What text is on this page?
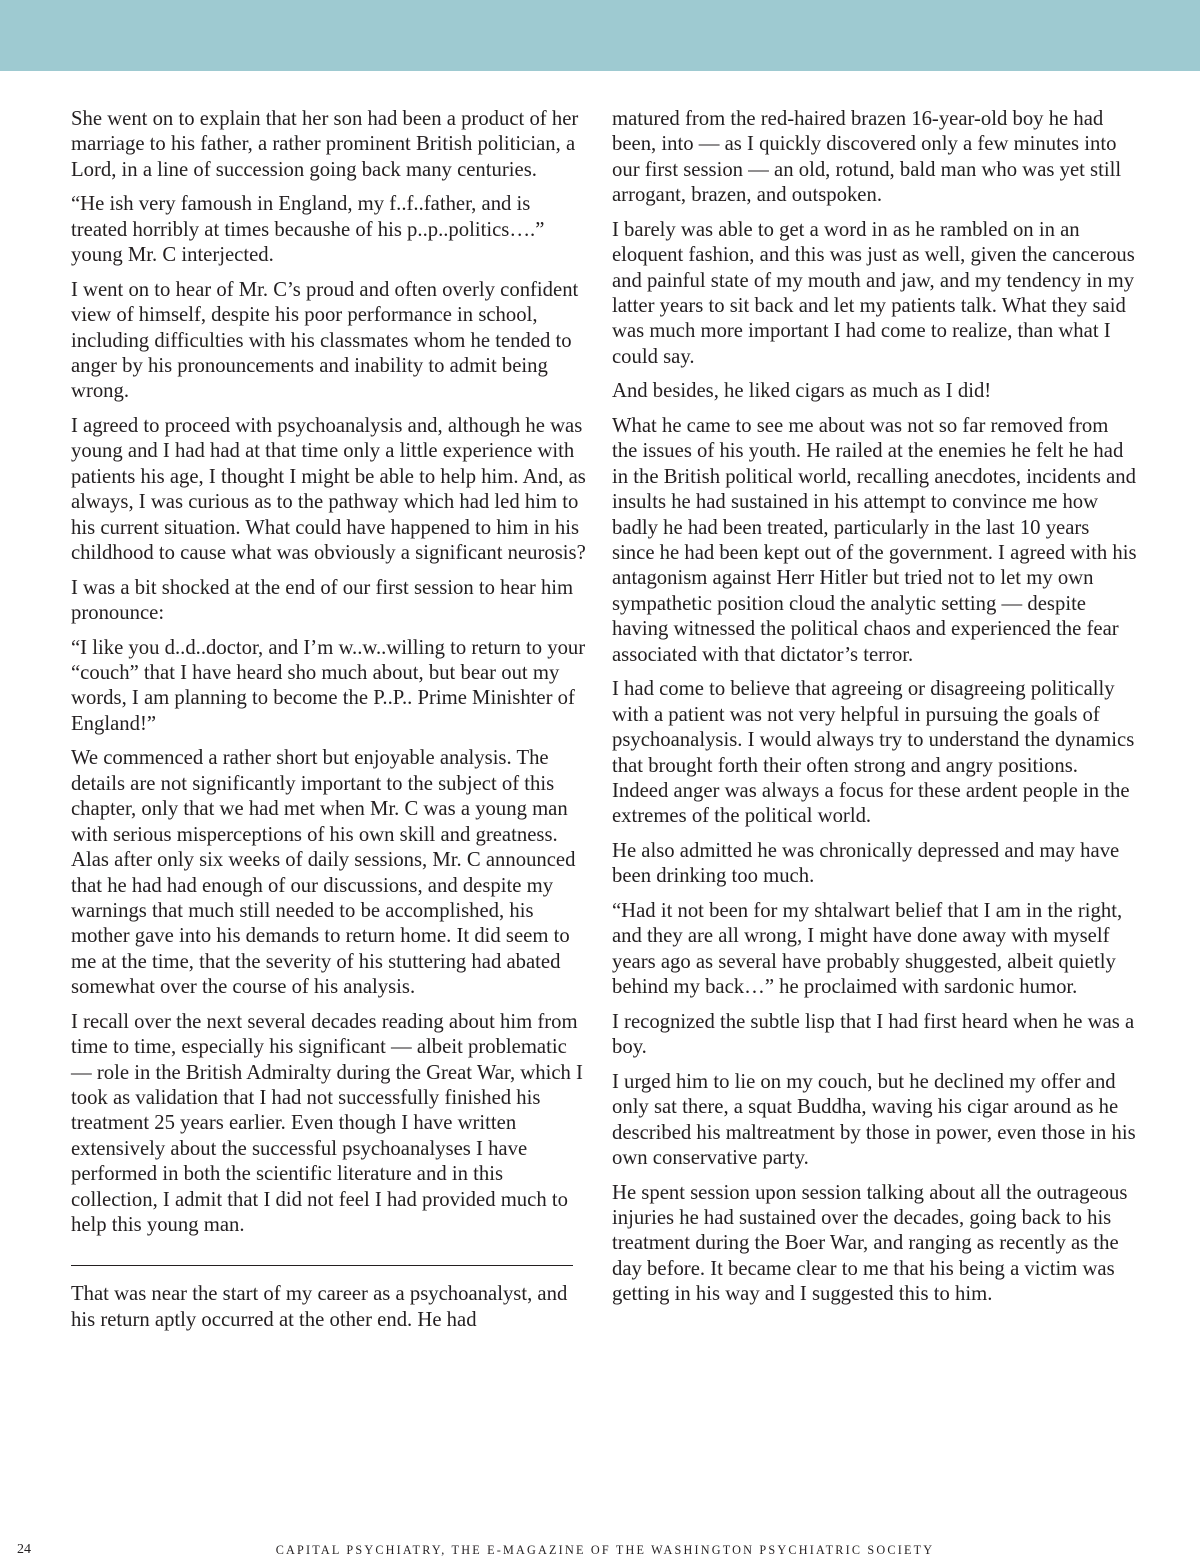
She went on to explain that her son had been a product of her marriage to his father, a rather prominent British politician, a Lord, in a line of succession going back many centuries.

“He ish very famoush in England, my f..f..father, and is treated horribly at times becaushe of his p..p..politics….” young Mr. C interjected.

I went on to hear of Mr. C’s proud and often overly confident view of himself, despite his poor performance in school, including difficulties with his classmates whom he tended to anger by his pronouncements and inability to admit being wrong.

I agreed to proceed with psychoanalysis and, although he was young and I had had at that time only a little experience with patients his age, I thought I might be able to help him. And, as always, I was curious as to the pathway which had led him to his current situation. What could have happened to him in his childhood to cause what was obviously a significant neurosis?

I was a bit shocked at the end of our first session to hear him pronounce:

“I like you d..d..doctor, and I’m w..w..willing to return to your “couch” that I have heard sho much about, but bear out my words, I am planning to become the P..P.. Prime Minishter of England!”

We commenced a rather short but enjoyable analysis. The details are not significantly important to the subject of this chapter, only that we had met when Mr. C was a young man with serious misperceptions of his own skill and greatness. Alas after only six weeks of daily sessions, Mr. C announced that he had had enough of our discussions, and despite my warnings that much still needed to be accomplished, his mother gave into his demands to return home. It did seem to me at the time, that the severity of his stuttering had abated somewhat over the course of his analysis.

I recall over the next several decades reading about him from time to time, especially his significant — albeit problematic — role in the British Admiralty during the Great War, which I took as validation that I had not successfully finished his treatment 25 years earlier. Even though I have written extensively about the successful psychoanalyses I have performed in both the scientific literature and in this collection, I admit that I did not feel I had provided much to help this young man.

That was near the start of my career as a psychoanalyst, and his return aptly occurred at the other end. He had

matured from the red-haired brazen 16-year-old boy he had been, into — as I quickly discovered only a few minutes into our first session — an old, rotund, bald man who was yet still arrogant, brazen, and outspoken.

I barely was able to get a word in as he rambled on in an eloquent fashion, and this was just as well, given the cancerous and painful state of my mouth and jaw, and my tendency in my latter years to sit back and let my patients talk. What they said was much more important I had come to realize, than what I could say.

And besides, he liked cigars as much as I did!

What he came to see me about was not so far removed from the issues of his youth. He railed at the enemies he felt he had in the British political world, recalling anecdotes, incidents and insults he had sustained in his attempt to convince me how badly he had been treated, particularly in the last 10 years since he had been kept out of the government. I agreed with his antagonism against Herr Hitler but tried not to let my own sympathetic position cloud the analytic setting — despite having witnessed the political chaos and experienced the fear associated with that dictator’s terror.

I had come to believe that agreeing or disagreeing politically with a patient was not very helpful in pursuing the goals of psychoanalysis. I would always try to understand the dynamics that brought forth their often strong and angry positions. Indeed anger was always a focus for these ardent people in the extremes of the political world.

He also admitted he was chronically depressed and may have been drinking too much.

“Had it not been for my shtalwart belief that I am in the right, and they are all wrong, I might have done away with myself years ago as several have probably shuggested, albeit quietly behind my back…” he proclaimed with sardonic humor.

I recognized the subtle lisp that I had first heard when he was a boy.

I urged him to lie on my couch, but he declined my offer and only sat there, a squat Buddha, waving his cigar around as he described his maltreatment by those in power, even those in his own conservative party.

He spent session upon session talking about all the outrageous injuries he had sustained over the decades, going back to his treatment during the Boer War, and ranging as recently as the day before. It became clear to me that his being a victim was getting in his way and I suggested this to him.

24	CAPITAL PSYCHIATRY, THE E-MAGAZINE OF THE WASHINGTON PSYCHIATRIC SOCIETY
